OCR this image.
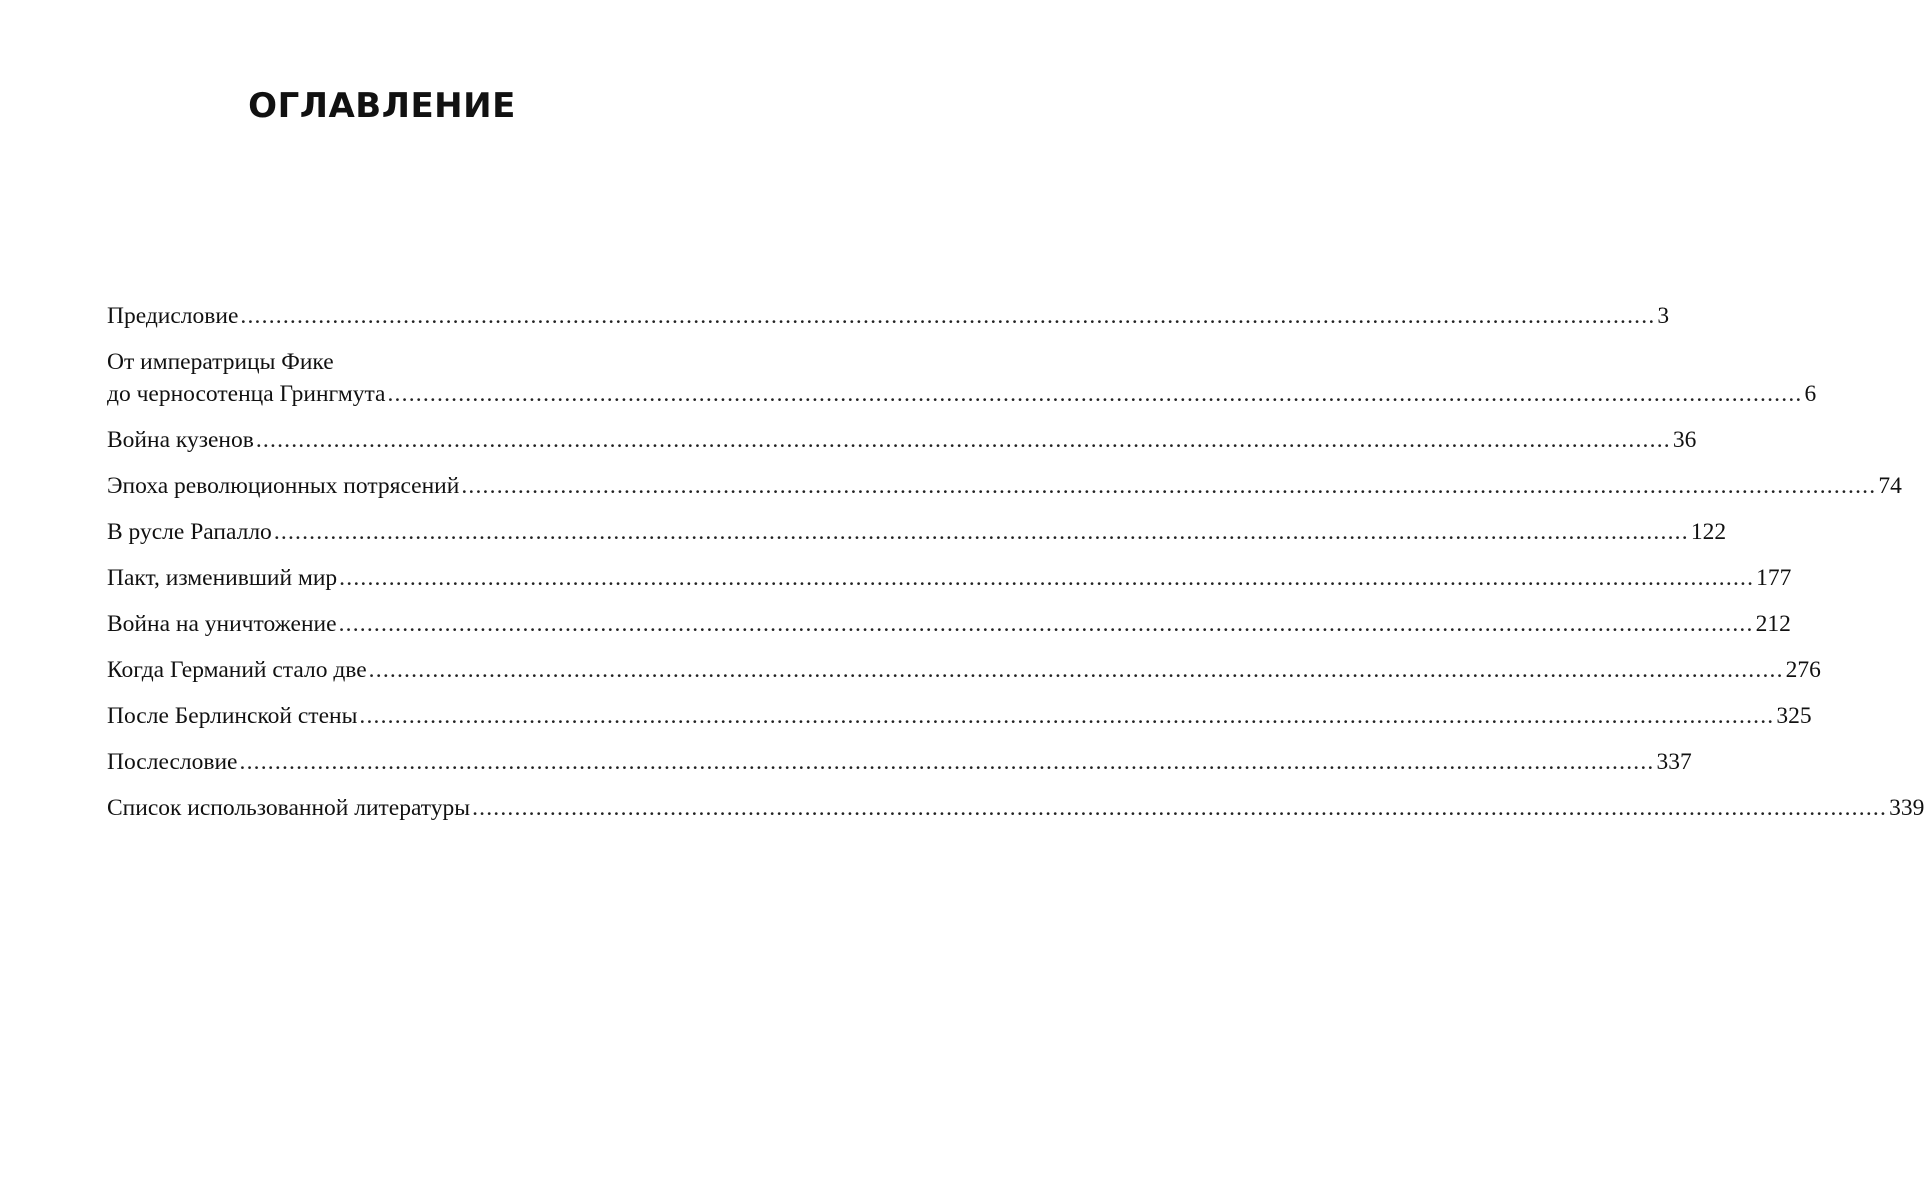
ОГЛАВЛЕНИЕ
Предисловие ........................................................................................................................................................................................................ 3
От императрицы Фике
до черносотенца Грингмута ........................................................................................................................................................................................................ 6
Война кузенов ........................................................................................................................................................................................................ 36
Эпоха революционных потрясений ........................................................................................................................................................................................................ 74
В русле Рапалло ........................................................................................................................................................................................................ 122
Пакт, изменивший мир ........................................................................................................................................................................................................ 177
Война на уничтожение ........................................................................................................................................................................................................ 212
Когда Германий стало две ........................................................................................................................................................................................................ 276
После Берлинской стены ........................................................................................................................................................................................................ 325
Послесловие ........................................................................................................................................................................................................ 337
Список использованной литературы ........................................................................................................................................................................................................ 339
